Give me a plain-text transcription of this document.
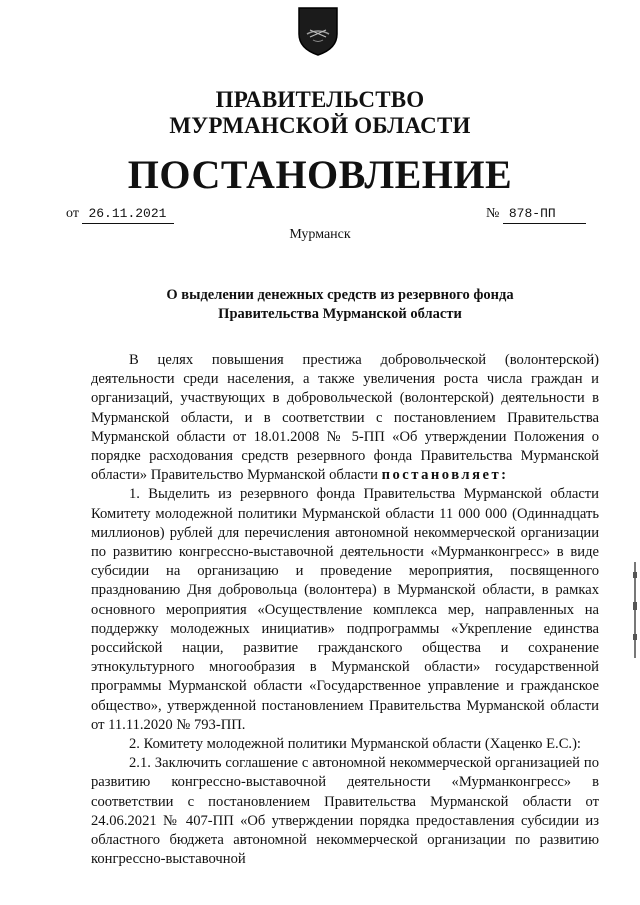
ПРАВИТЕЛЬСТВО
МУРМАНСКОЙ ОБЛАСТИ
ПОСТАНОВЛЕНИЕ
от 26.11.2021	№ 878-ПП
Мурманск
О выделении денежных средств из резервного фонда
Правительства Мурманской области

В целях повышения престижа добровольческой (волонтерской) деятельности среди населения, а также увеличения роста числа граждан и организаций, участвующих в добровольческой (волонтерской) деятельности в Мурманской области, и в соответствии с постановлением Правительства Мурманской области от 18.01.2008 № 5-ПП «Об утверждении Положения о порядке расходования средств резервного фонда Правительства Мурманской области» Правительство Мурманской области постановляет:

1. Выделить из резервного фонда Правительства Мурманской области Комитету молодежной политики Мурманской области 11 000 000 (Одиннадцать миллионов) рублей для перечисления автономной некоммерческой организации по развитию конгрессно-выставочной деятельности «Мурманконгресс» в виде субсидии на организацию и проведение мероприятия, посвященного празднованию Дня добровольца (волонтера) в Мурманской области, в рамках основного мероприятия «Осуществление комплекса мер, направленных на поддержку молодежных инициатив» подпрограммы «Укрепление единства российской нации, развитие гражданского общества и сохранение этнокультурного многообразия в Мурманской области» государственной программы Мурманской области «Государственное управление и гражданское общество», утвержденной постановлением Правительства Мурманской области от 11.11.2020 № 793-ПП.

2. Комитету молодежной политики Мурманской области (Хаценко Е.С.):

2.1. Заключить соглашение с автономной некоммерческой организацией по развитию конгрессно-выставочной деятельности «Мурманконгресс» в соответствии с постановлением Правительства Мурманской области от 24.06.2021 № 407-ПП «Об утверждении порядка предоставления субсидии из областного бюджета автономной некоммерческой организации по развитию конгрессно-выставочной
